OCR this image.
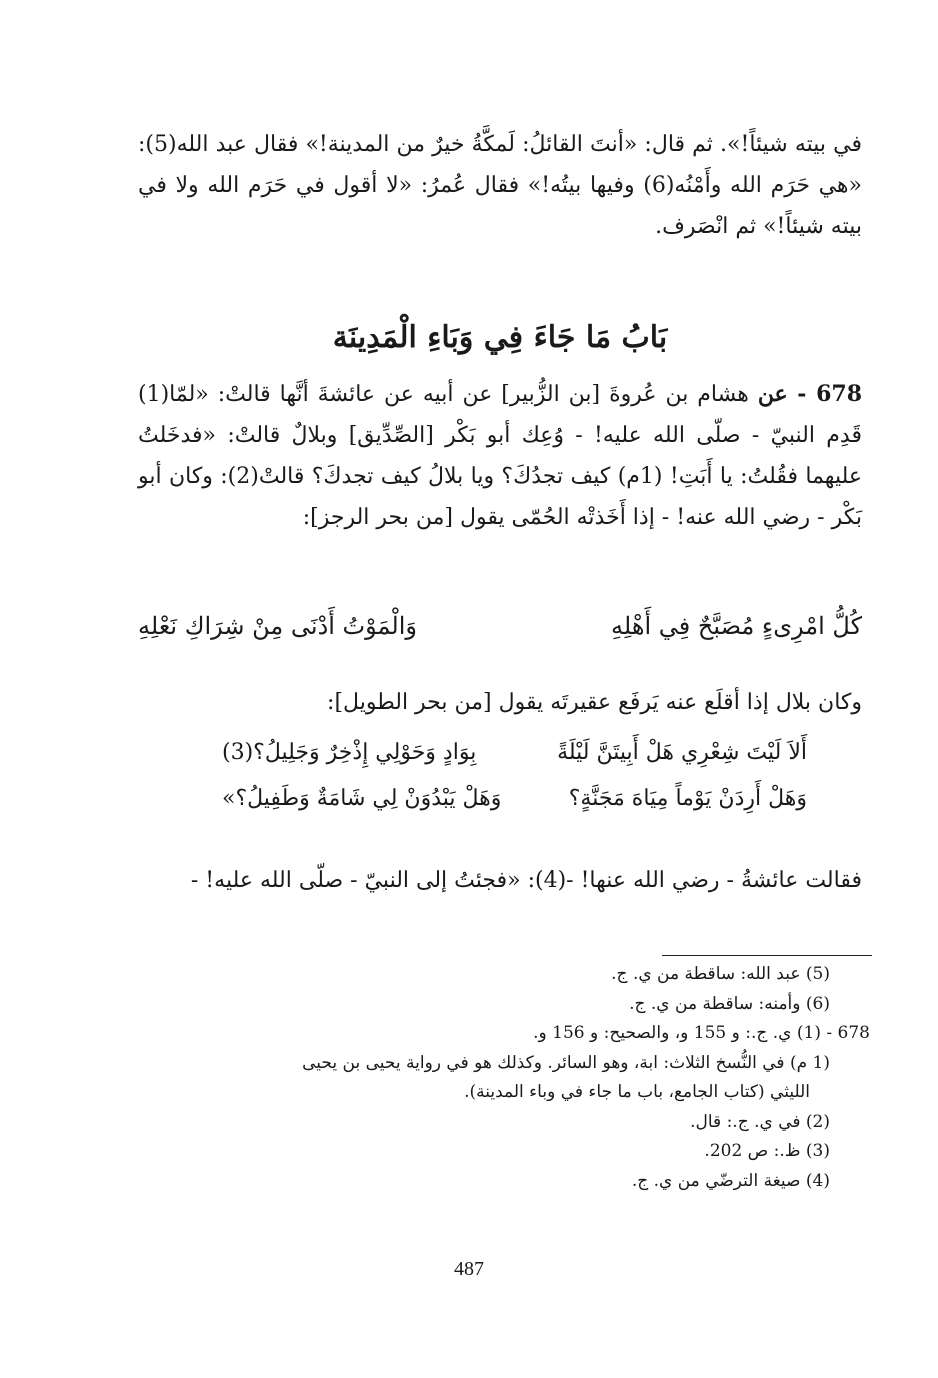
في بيته شيئاً!». ثم قال: «أنتَ القائلُ: لَمكَّةُ خيرٌ من المدينة!» فقال عبد الله(5): «هي حَرَم الله وأَمْنُه(6) وفيها بيتُه!» فقال عُمرُ: «لا أقول في حَرَم الله ولا في بيته شيئاً!» ثم انْصَرف.

بَابُ مَا جَاءَ فِي وَبَاءِ الْمَدِينَة

678 - عن هشام بن عُروةَ [بن الزُّبير] عن أبيه عن عائشةَ أنَّها قالتْ: «لمّا(1) قَدِم النبيّ - صلّى الله عليه! - وُعِك أبو بَكْر [الصِّدِّيق] وبلالٌ قالتْ: «فدخَلتُ عليهما فقُلتُ: يا أَبَتِ! (1م) كيف تجدُكَ؟ ويا بلالُ كيف تجدكَ؟ قالتْ(2): وكان أبو بَكْر - رضي الله عنه! - إذا أَخَذتْه الحُمّى يقول [من بحر الرجز]:

كُلُّ امْرِىءٍ مُصَبَّحٌ فِي أَهْلِهِ
وَالْمَوْتُ أَدْنَى مِنْ شِرَاكِ نَعْلِهِ

وكان بلال إذا أقلَع عنه يَرفَع عقيرتَه يقول [من بحر الطويل]:

أَلاَ لَيْتَ شِعْرِي هَلْ أَبِيتَنَّ لَيْلَةً
بِوَادٍ وَحَوْلِي إِذْخِرٌ وَجَلِيلُ؟(3)
وَهَلْ أَرِدَنْ يَوْماً مِيَاهَ مَجَنَّةٍ؟
وَهَلْ يَبْدُوَنْ لِي شَامَةٌ وَطَفِيلُ؟»

فقالت عائشةُ - رضي الله عنها! -(4): «فجئتُ إلى النبيّ - صلّى الله عليه! -

(5) عبد الله: ساقطة من ي. ج.
(6) وأمنه: ساقطة من ي. ج.
678 - (1) ي. ج.: و 155 و، والصحيح: و 156 و.
(1 م) في النُّسخ الثلاث: ابة، وهو السائر. وكذلك هو في رواية يحيى بن يحيى
الليثي (كتاب الجامع، باب ما جاء في وباء المدينة).
(2) في ي. ج.: قال.
(3) ظ.: ص 202.
(4) صيغة الترضّي من ي. ج.
487
